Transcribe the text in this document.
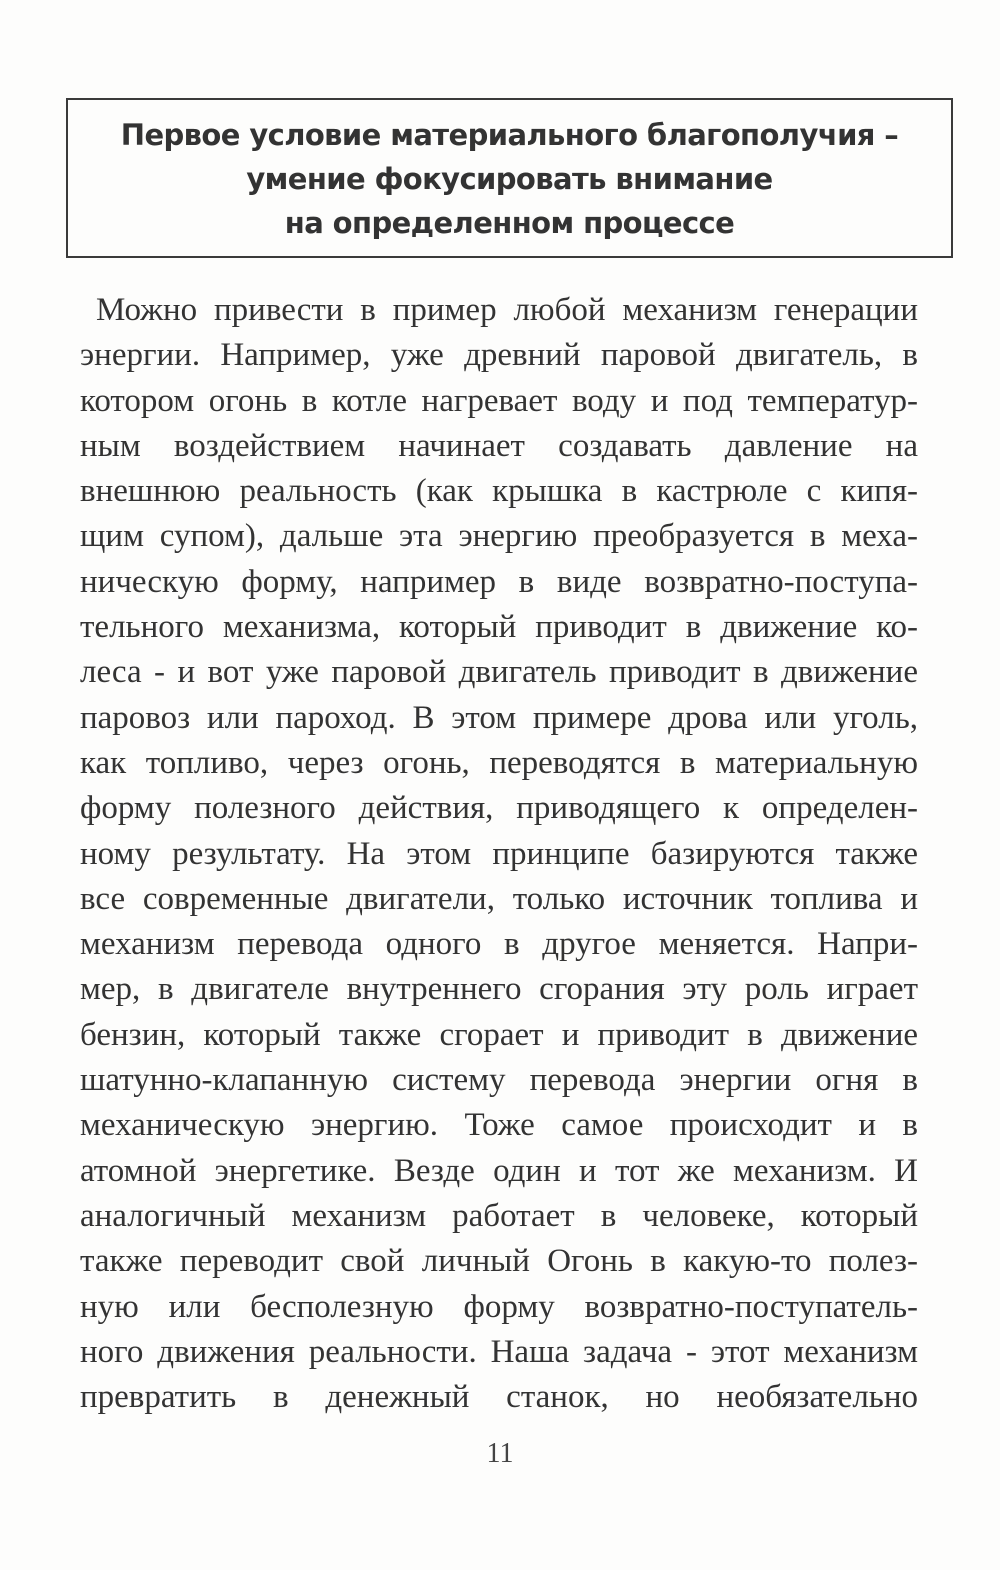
Первое условие материального благополучия –
умение фокусировать внимание
на определенном процессе
Можно привести в пример любой механизм генерации
энергии. Например, уже древний паровой двигатель, в
котором огонь в котле нагревает воду и под температур-
ным воздействием начинает создавать давление на
внешнюю реальность (как крышка в кастрюле с кипя-
щим супом), дальше эта энергию преобразуется в меха-
ническую форму, например в виде возвратно-поступа-
тельного механизма, который приводит в движение ко-
леса - и вот уже паровой двигатель приводит в движение
паровоз или пароход. В этом примере дрова или уголь,
как топливо, через огонь, переводятся в материальную
форму полезного действия, приводящего к определен-
ному результату. На этом принципе базируются также
все современные двигатели, только источник топлива и
механизм перевода одного в другое меняется. Напри-
мер, в двигателе внутреннего сгорания эту роль играет
бензин, который также сгорает и приводит в движение
шатунно-клапанную систему перевода энергии огня в
механическую энергию. Тоже самое происходит и в
атомной энергетике. Везде один и тот же механизм. И
аналогичный механизм работает в человеке, который
также переводит свой личный Огонь в какую-то полез-
ную или бесполезную форму возвратно-поступатель-
ного движения реальности. Наша задача - этот механизм
превратить в денежный станок, но необязательно
11
